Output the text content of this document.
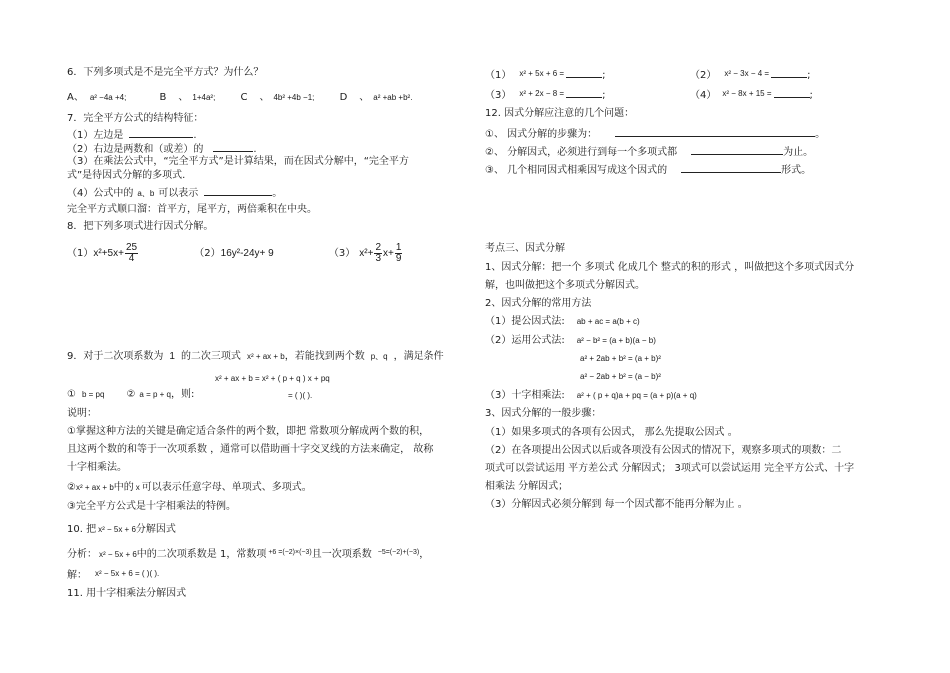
6．下列多项式是不是完全平方式？为什么？
A、 a² −4a +4;	B 、 1+4a²;	C 、 4b² +4b −1;	D 、 a² +ab +b².
7．完全平方公式的结构特征：
（1）左边是	.
（2）右边是两数和（或差）的	.
（3）在乘法公式中，“完全平方式”是计算结果，而在因式分解中，“完全平方
式”是待因式分解的多项式.
（4）公式中的 a、b 可以表示	。
完全平方式顺口溜：首平方，尾平方，两倍乘积在中央。
8．把下列多项式进行因式分解。
$(1)x^2+5x+ \frac{25}{4}$	（2）16y²-24y+ 9	（3） $x^2+ \frac{2}{3} x+ \frac{1}{9}$
9．对于二次项系数为 1 的二次三项式 x² + ax + b，若能找到两个数 p、q ，满足条件
x² + ax + b = x² + ( p + q ) x + pq
① b = pq ② a = p + q，则:	= ( )( ).
说明：
①掌握这种方法的关键是确定适合条件的两个数，即把 常数项分解成两个数的积，
且这两个数的和等于一次项系数 ，通常可以借助画十字交叉线的方法来确定， 故称
十字相乘法。
②x² + ax + b中的 x 可以表示任意字母、单项式、多项式。
③完全平方公式是十字相乘法的特例。
10. 把 x² − 5x + 6分解因式
分析： x² − 5x + 6中的二次项系数是 1，常数项 $^{+6 =(-2)\times(-3)}$且一次项系数 $^{-5=(-2)+(-3)}$，
解： $^{x^2 - 5x + 6 = ( )( ).}$
11. 用十字相乘法分解因式
（1） $^{x^2 + 5x + 6 =}$	;	（2） $^{x^2 - 3x - 4 =}$	;
（3） $^{x^2 + 2x - 8 =}$	;	（4） $^{x^2 - 8x + 15 =}$	;
12. 因式分解应注意的几个问题：
①、 因式分解的步骤为：	。
②、 分解因式，必须进行到每一个多项式都	为止。
③、 几个相同因式相乘因写成这个因式的	形式。
考点三、因式分解
1、因式分解：把一个 多项式 化成几个 整式的积的形式 ，叫做把这个多项式因式分
解，也叫做把这个多项式分解因式。
2、因式分解的常用方法
（1）提公因式法: ab + ac = a(b + c)
（2）运用公式法: a² − b² = (a + b)(a − b)
a² + 2ab + b² = (a + b)²
a² − 2ab + b² = (a − b)²
（3）十字相乘法: a² + ( p + q)a + pq = (a + p)(a + q)
3、因式分解的一般步骤：
（1）如果多项式的各项有公因式， 那么先提取公因式 。
（2）在各项提出公因式以后或各项没有公因式的情况下，观察多项式的项数：二
项式可以尝试运用 平方差公式 分解因式； 3项式可以尝试运用 完全平方公式、十字
相乘法 分解因式；
（3）分解因式必须分解到 每一个因式都不能再分解为止 。
